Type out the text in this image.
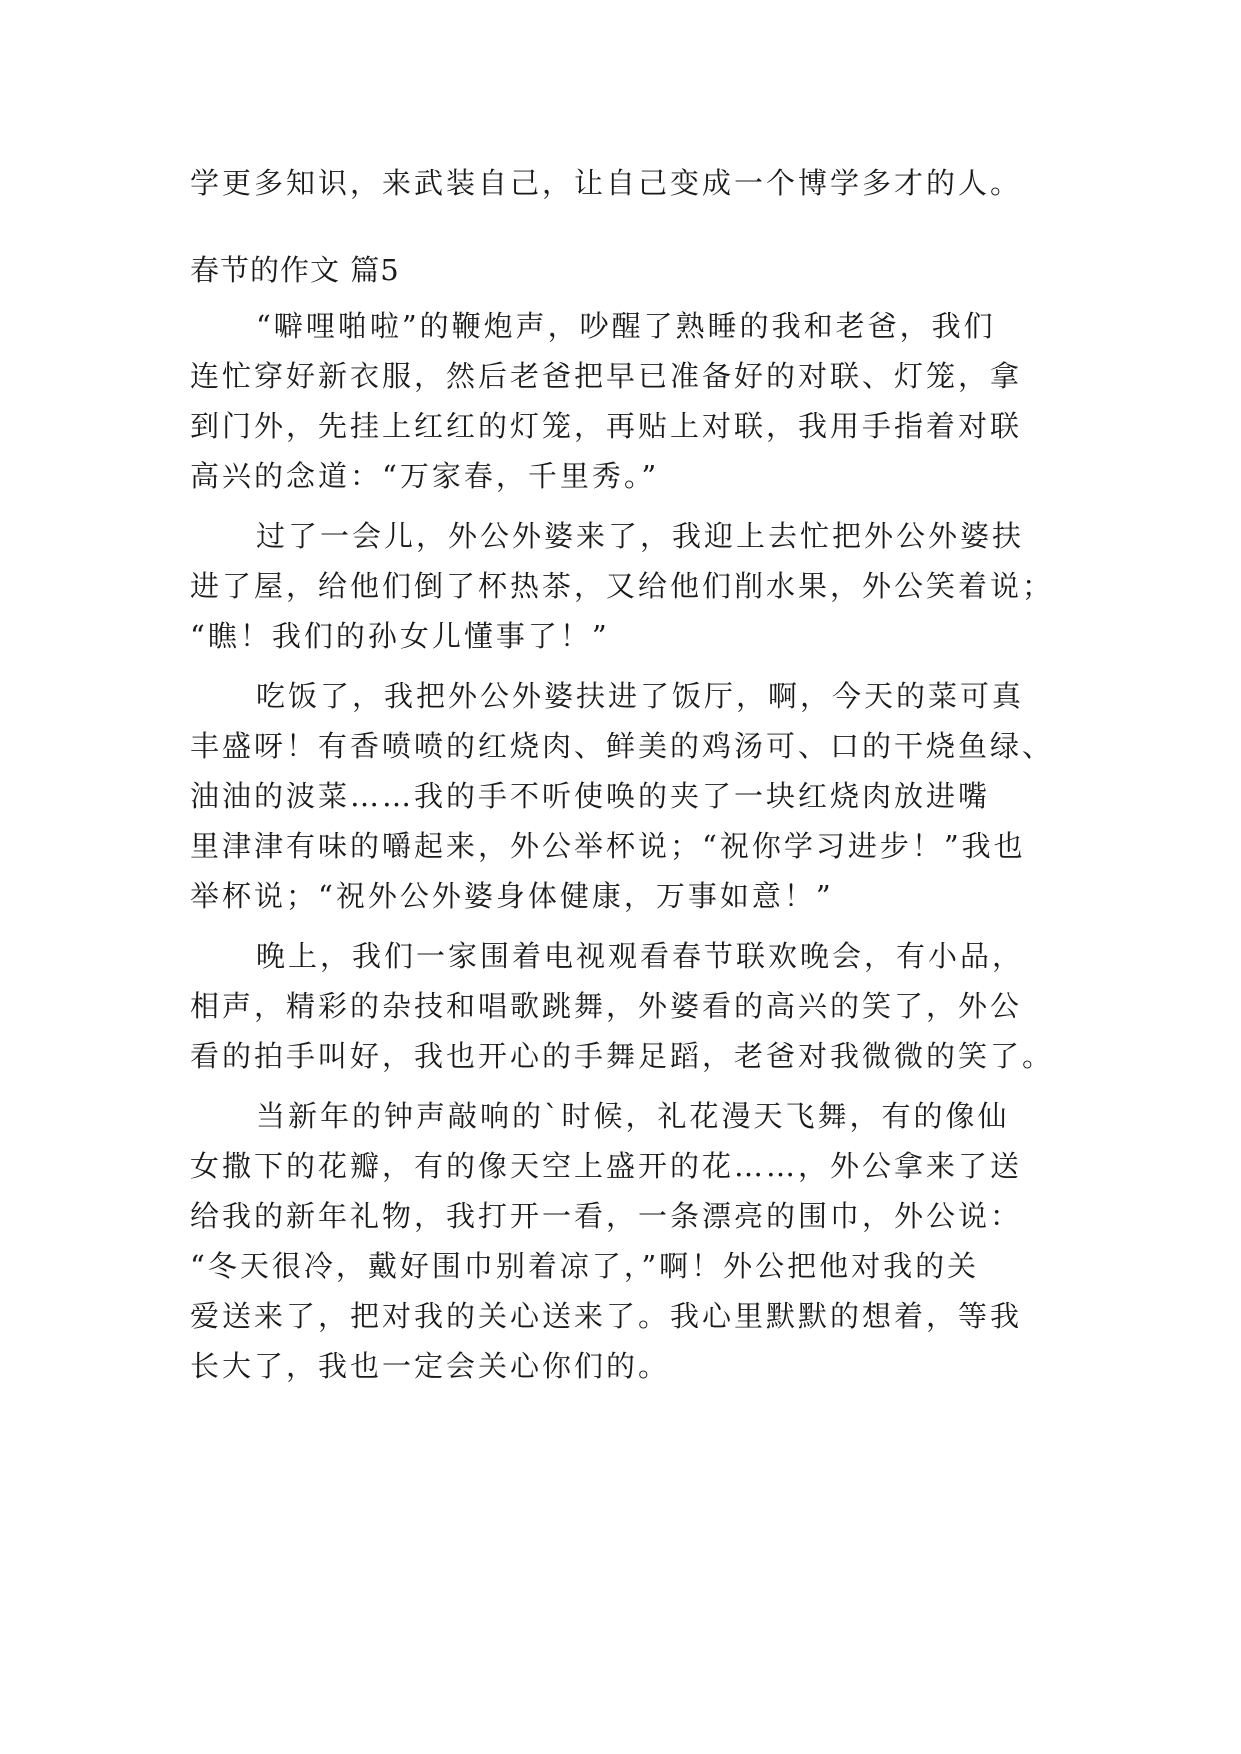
学更多知识，来武装自己，让自己变成一个博学多才的人。
春节的作文 篇5
“噼哩啪啦”的鞭炮声，吵醒了熟睡的我和老爸，我们
连忙穿好新衣服，然后老爸把早已准备好的对联、灯笼，拿
到门外，先挂上红红的灯笼，再贴上对联，我用手指着对联
高兴的念道：“万家春，千里秀。”
过了一会儿，外公外婆来了，我迎上去忙把外公外婆扶
进了屋，给他们倒了杯热茶，又给他们削水果，外公笑着说；
“瞧！我们的孙女儿懂事了！”
吃饭了，我把外公外婆扶进了饭厅，啊，今天的菜可真
丰盛呀！有香喷喷的红烧肉、鲜美的鸡汤可、口的干烧鱼绿、
油油的波菜……我的手不听使唤的夹了一块红烧肉放进嘴
里津津有味的嚼起来，外公举杯说；“祝你学习进步！”我也
举杯说；“祝外公外婆身体健康，万事如意！”
晚上，我们一家围着电视观看春节联欢晚会，有小品，
相声，精彩的杂技和唱歌跳舞，外婆看的高兴的笑了，外公
看的拍手叫好，我也开心的手舞足蹈，老爸对我微微的笑了。
当新年的钟声敲响的`时候，礼花漫天飞舞，有的像仙
女撒下的花瓣，有的像天空上盛开的花……，外公拿来了送
给我的新年礼物，我打开一看，一条漂亮的围巾，外公说：
“冬天很冷，戴好围巾别着凉了，”啊！外公把他对我的关
爱送来了，把对我的关心送来了。我心里默默的想着，等我
长大了，我也一定会关心你们的。
